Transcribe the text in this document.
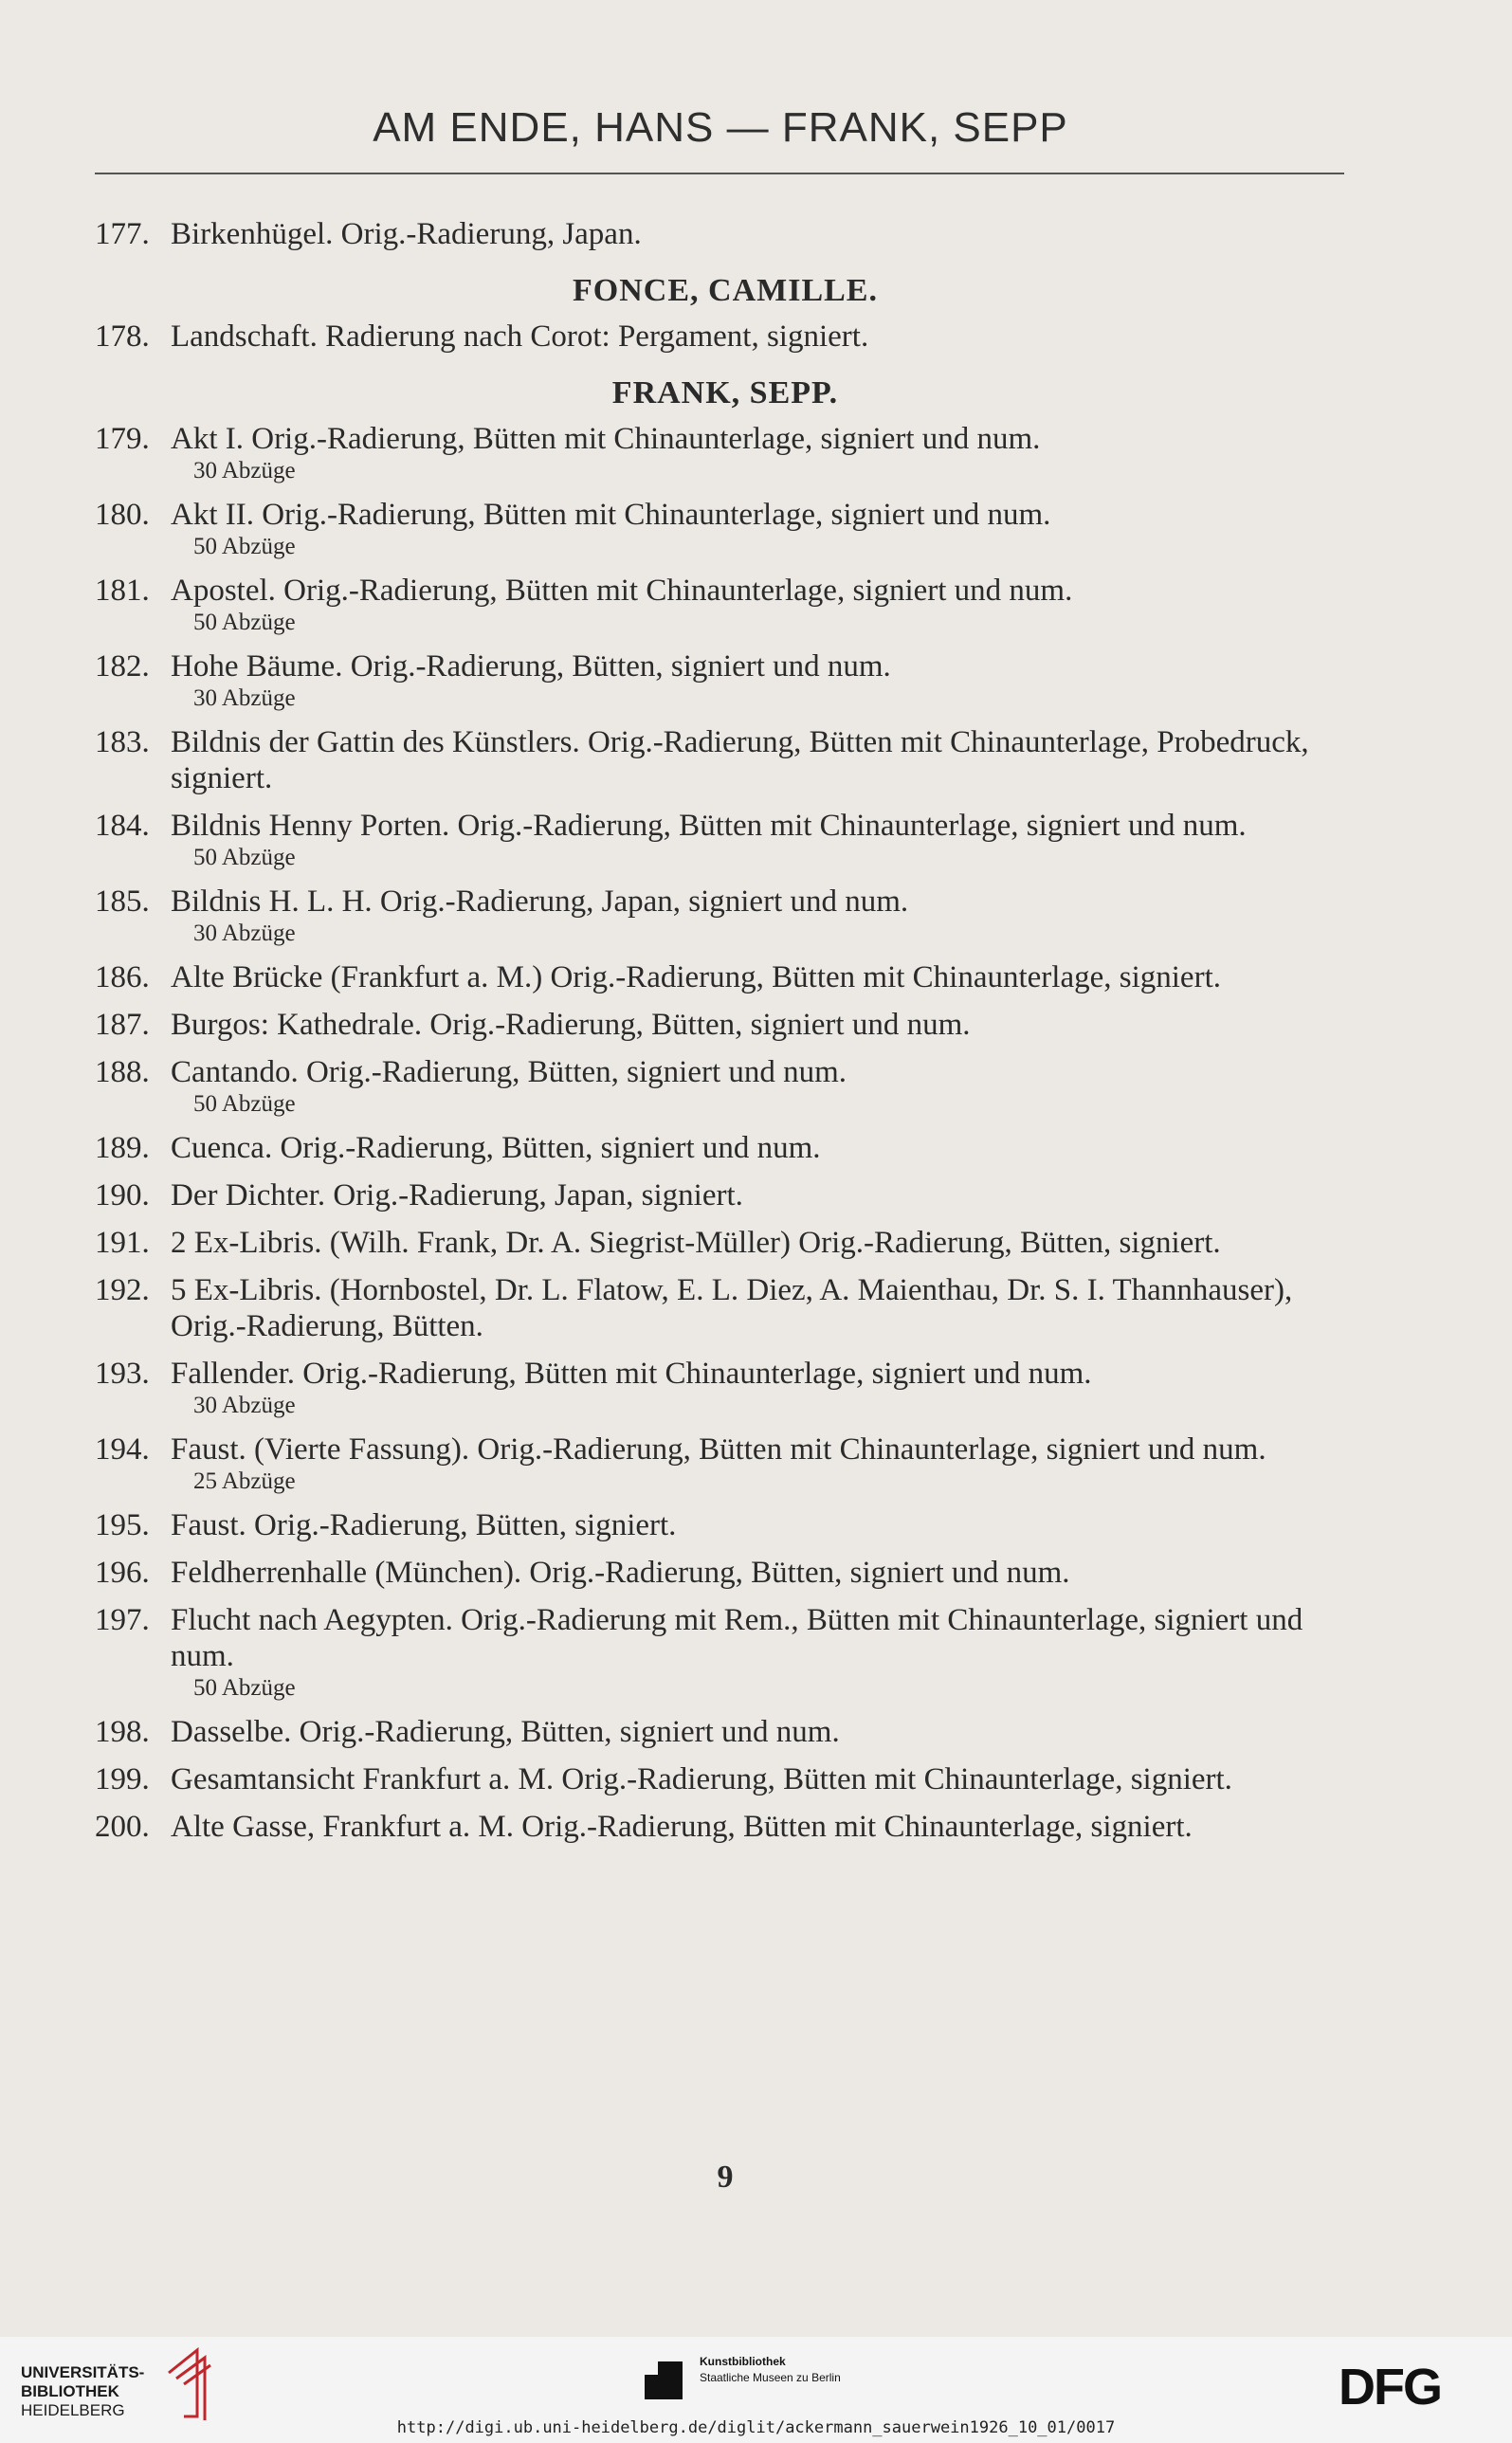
AM ENDE, HANS — FRANK, SEPP
177. Birkenhügel. Orig.-Radierung, Japan.
FONCE, CAMILLE.
178. Landschaft. Radierung nach Corot: Pergament, signiert.
FRANK, SEPP.
179. Akt I. Orig.-Radierung, Bütten mit Chinaunterlage, signiert und num.
30 Abzüge
180. Akt II. Orig.-Radierung, Bütten mit Chinaunterlage, signiert und num.
50 Abzüge
181. Apostel. Orig.-Radierung, Bütten mit Chinaunterlage, signiert und num.
50 Abzüge
182. Hohe Bäume. Orig.-Radierung, Bütten, signiert und num.
30 Abzüge
183. Bildnis der Gattin des Künstlers. Orig.-Radierung, Bütten mit Chinaunterlage, Probedruck, signiert.
184. Bildnis Henny Porten. Orig.-Radierung, Bütten mit Chinaunterlage, signiert und num.
50 Abzüge
185. Bildnis H. L. H. Orig.-Radierung, Japan, signiert und num.
30 Abzüge
186. Alte Brücke (Frankfurt a. M.) Orig.-Radierung, Bütten mit Chinaunterlage, signiert.
187. Burgos: Kathedrale. Orig.-Radierung, Bütten, signiert und num.
188. Cantando. Orig.-Radierung, Bütten, signiert und num.
50 Abzüge
189. Cuenca. Orig.-Radierung, Bütten, signiert und num.
190. Der Dichter. Orig.-Radierung, Japan, signiert.
191. 2 Ex-Libris. (Wilh. Frank, Dr. A. Siegrist-Müller) Orig.-Radierung, Bütten, signiert.
192. 5 Ex-Libris. (Hornbostel, Dr. L. Flatow, E. L. Diez, A. Maienthau, Dr. S. I. Thannhauser), Orig.-Radierung, Bütten.
193. Fallender. Orig.-Radierung, Bütten mit Chinaunterlage, signiert und num.
30 Abzüge
194. Faust. (Vierte Fassung). Orig.-Radierung, Bütten mit Chinaunterlage, signiert und num.
25 Abzüge
195. Faust. Orig.-Radierung, Bütten, signiert.
196. Feldherrenhalle (München). Orig.-Radierung, Bütten, signiert und num.
197. Flucht nach Aegypten. Orig.-Radierung mit Rem., Bütten mit Chinaunterlage, signiert und num.
50 Abzüge
198. Dasselbe. Orig.-Radierung, Bütten, signiert und num.
199. Gesamtansicht Frankfurt a. M. Orig.-Radierung, Bütten mit Chinaunterlage, signiert.
200. Alte Gasse, Frankfurt a. M. Orig.-Radierung, Bütten mit Chinaunterlage, signiert.
9
UNIVERSITÄTS-
BIBLIOTHEK
HEIDELBERG
Kunstbibliothek
Staatliche Museen zu Berlin	DFG
http://digi.ub.uni-heidelberg.de/diglit/ackermann_sauerwein1926_10_01/0017
